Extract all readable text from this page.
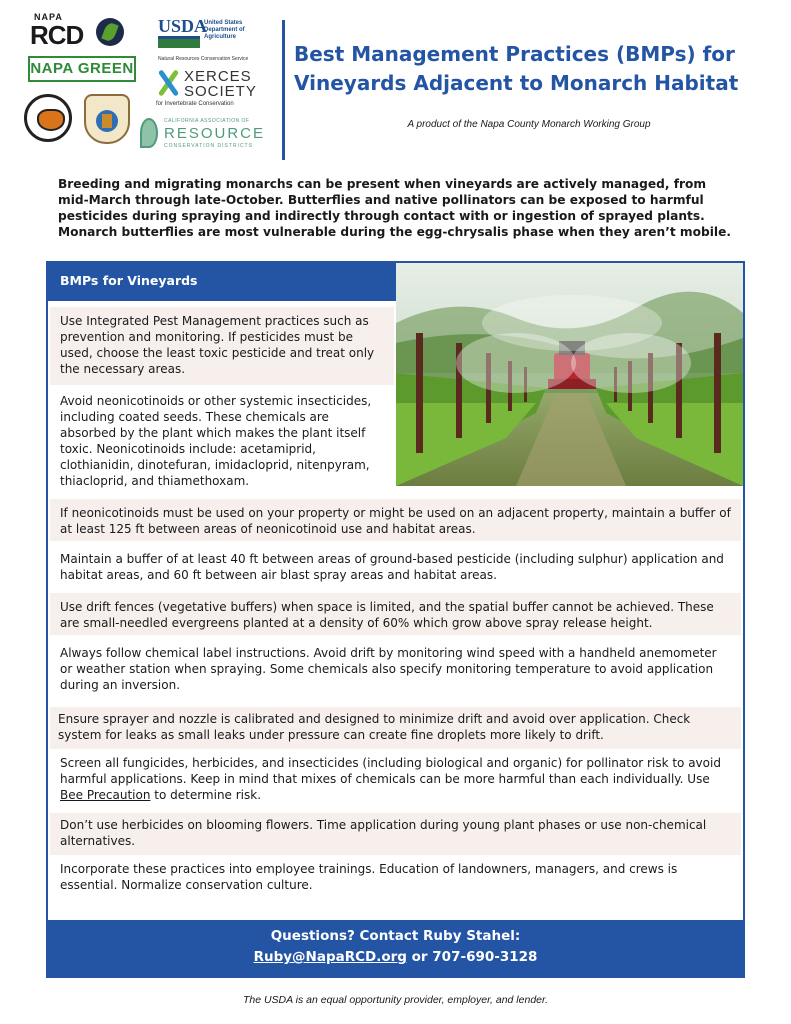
NAPA
RCD
NAPA GREEN
USDA
United States
Department of
Agriculture
Natural Resources Conservation Service
XERCES
SOCIETY
for Invertebrate Conservation
CALIFORNIA ASSOCIATION OF
RESOURCE
CONSERVATION DISTRICTS
Best Management Practices (BMPs) for
Vineyards Adjacent to Monarch Habitat

A product of the Napa County Monarch Working Group

Breeding and migrating monarchs can be present when vineyards are actively managed, from mid-March through late-October. Butterflies and native pollinators can be exposed to harmful pesticides during spraying and indirectly through contact with or ingestion of sprayed plants. Monarch butterflies are most vulnerable during the egg-chrysalis phase when they aren’t mobile.

BMPs for Vineyards
Use Integrated Pest Management practices such as prevention and monitoring. If pesticides must be used, choose the least toxic pesticide and treat only the necessary areas.
Avoid neonicotinoids or other systemic insecticides, including coated seeds. These chemicals are absorbed by the plant which makes the plant itself toxic. Neonicotinoids include: acetamiprid, clothianidin, dinotefuran, imidacloprid, nitenpyram, thiacloprid, and thiamethoxam.
If neonicotinoids must be used on your property or might be used on an adjacent property, maintain a buffer of at least 125 ft between areas of neonicotinoid use and habitat areas.
Maintain a buffer of at least 40 ft between areas of ground-based pesticide (including sulphur) application and habitat areas, and 60 ft between air blast spray areas and habitat areas.
Use drift fences (vegetative buffers) when space is limited, and the spatial buffer cannot be achieved. These are small-needled evergreens planted at a density of 60% which grow above spray release height.
Always follow chemical label instructions. Avoid drift by monitoring wind speed with a handheld anemometer or weather station when spraying. Some chemicals also specify monitoring temperature to avoid application during an inversion.
Ensure sprayer and nozzle is calibrated and designed to minimize drift and avoid over application. Check system for leaks as small leaks under pressure can create fine droplets more likely to drift.
Screen all fungicides, herbicides, and insecticides (including biological and organic) for pollinator risk to avoid harmful applications. Keep in mind that mixes of chemicals can be more harmful than each individually. Use Bee Precaution to determine risk.
Don’t use herbicides on blooming flowers. Time application during young plant phases or use non-chemical alternatives.
Incorporate these practices into employee trainings. Education of landowners, managers, and crews is essential. Normalize conservation culture.
Questions? Contact Ruby Stahel:
Ruby@NapaRCD.org or 707-690-3128

The USDA is an equal opportunity provider, employer, and lender.
